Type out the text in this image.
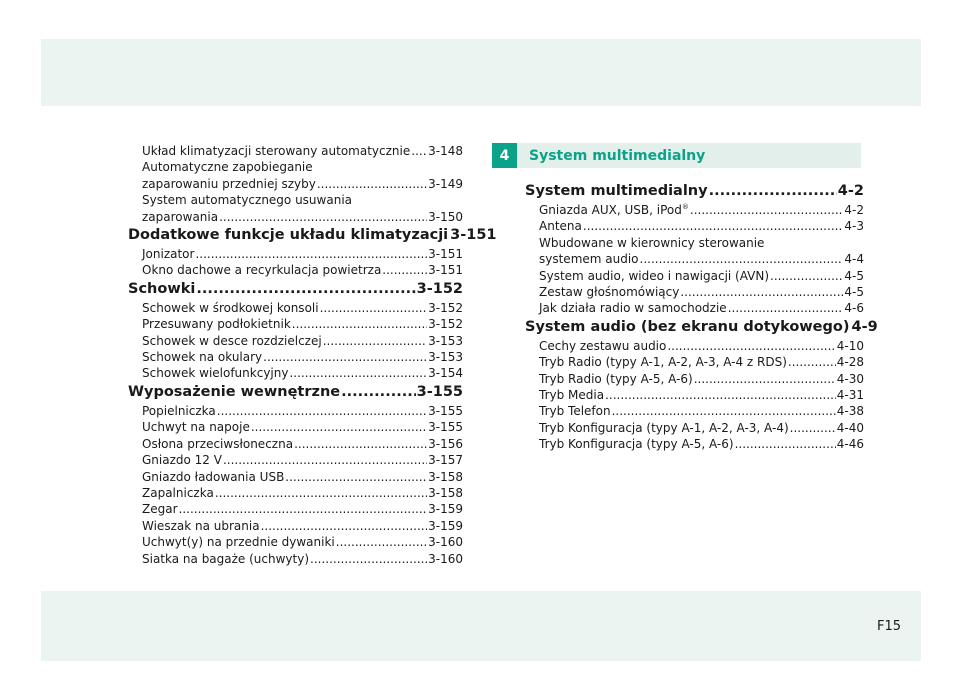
Układ klimatyzacji sterowany automatycznie ..... 3-148
Automatyczne zapobieganie
zaparowaniu przedniej szyby .....	3-149
System automatycznego usuwania
zaparowania .....	3-150
Dodatkowe funkcje układu klimatyzacji 3-151
Jonizator .....	3-151
Okno dachowe a recyrkulacja powietrza .....	3-151
Schowki .....	3-152
Schowek w środkowej konsoli .....	3-152
Przesuwany podłokietnik .....	3-152
Schowek w desce rozdzielczej .....	3-153
Schowek na okulary .....	3-153
Schowek wielofunkcyjny .....	3-154
Wyposażenie wewnętrzne .....	3-155
Popielniczka .....	3-155
Uchwyt na napoje .....	3-155
Osłona przeciwsłoneczna .....	3-156
Gniazdo 12 V .....	3-157
Gniazdo ładowania USB .....	3-158
Zapalniczka .....	3-158
Zegar .....	3-159
Wieszak na ubrania .....	3-159
Uchwyt(y) na przednie dywaniki .....	3-160
Siatka na bagaże (uchwyty) .....	3-160
4	System multimedialny
System multimedialny .....	4-2
Gniazda AUX, USB, iPod® .....	4-2
Antena .....	4-3
Wbudowane w kierownicy sterowanie
systemem audio .....	4-4
System audio, wideo i nawigacji (AVN) .....	4-5
Zestaw głośnomówiący .....	4-5
Jak działa radio w samochodzie .....	4-6
System audio (bez ekranu dotykowego) 4-9
Cechy zestawu audio .....	4-10
Tryb Radio (typy A-1, A-2, A-3, A-4 z RDS) .....	4-28
Tryb Radio (typy A-5, A-6) .....	4-30
Tryb Media .....	4-31
Tryb Telefon .....	4-38
Tryb Konfiguracja (typy A-1, A-2, A-3, A-4) .....	4-40
Tryb Konfiguracja (typy A-5, A-6) .....	4-46
F15
